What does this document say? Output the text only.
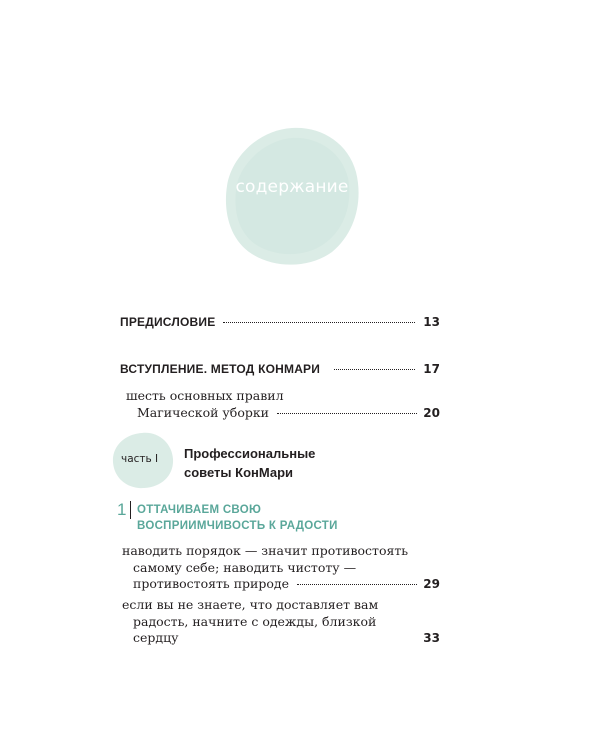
содержание
ПРЕДИСЛОВИЕ	13
ВСТУПЛЕНИЕ. МЕТОД КОНМАРИ	17
шесть основных правил
Магической уборки	20
часть I Профессиональные
советы КонМари
1 ОТТАЧИВАЕМ СВОЮ
ВОСПРИИМЧИВОСТЬ К РАДОСТИ
наводить порядок — значит противостоять
самому себе; наводить чистоту —
противостоять природе	29
если вы не знаете, что доставляет вам
радость, начните с одежды, близкой
сердцу	33
